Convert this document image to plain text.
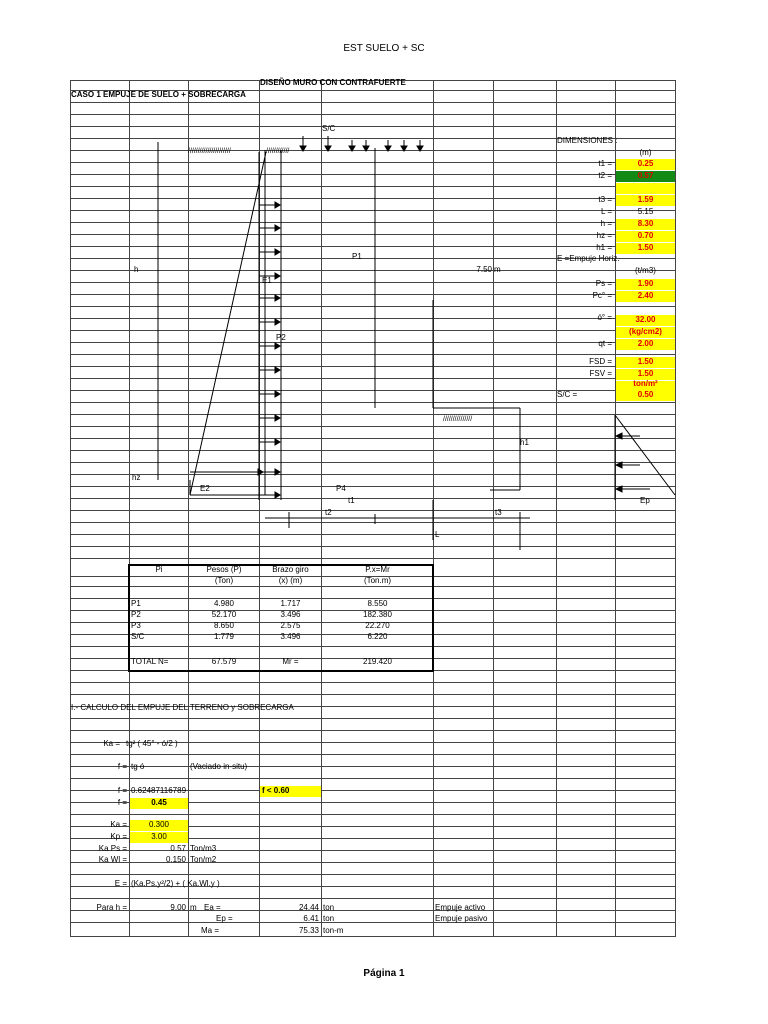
EST SUELO + SC
DISEÑO MURO CON CONTRAFUERTE
CASO 1 EMPUJE DE SUELO + SOBRECARGA
S/C
//////////////////////	////////////
h
P1
E1
P2
7.50 m
///////////////
h1
hz
E2	P4
t1	Ep
t2	t3
L
DIMENSIONES :
(m)
t1 =	0.25
t2 =	0.57
t3 =	1.59
L =	5.15
h =	8.30
hz =	0.70
h1 =	1.50
E =Empuje Horiz.
(t/m3)
Ps =	1.90
Pc° =	2.40
ó° =	32.00
(kg/cm2)
qt =	2.00
FSD =	1.50
FSV =	1.50
ton/m²
S/C =	0.50
Pi	Pesos (P)
(Ton)
Brazo giro
(x) (m)
P.x=Mr
(Ton.m)
P1	4.980	1.717	8.550
P2	52.170	3.496	182.380
P3	8.650	2.575	22.270
S/C	1.779	3.496	6.220
TOTAL N=	67.579	Mr =	219.420
I.- CALCULO DEL EMPUJE DEL TERRENO y SOBRECARGA
Ka = tg² ( 45° - ó/2 )
f = tg ó	(Vaciado in-situ)
f = 0.62487116789	f < 0.60
f =	0.45
Ka =	0.300
Kp =	3.00
Ka Ps =	0.57 Ton/m3
Ka Wl =	0.150 Ton/m2
E = (Ka.Ps.y²/2) + ( Ka.Wl.y )
Para h =	9.00 m Ea =	24.44 ton	Empuje activo
Ep =	6.41 ton	Empuje pasivo
Ma =	75.33 ton-m
Página 1
